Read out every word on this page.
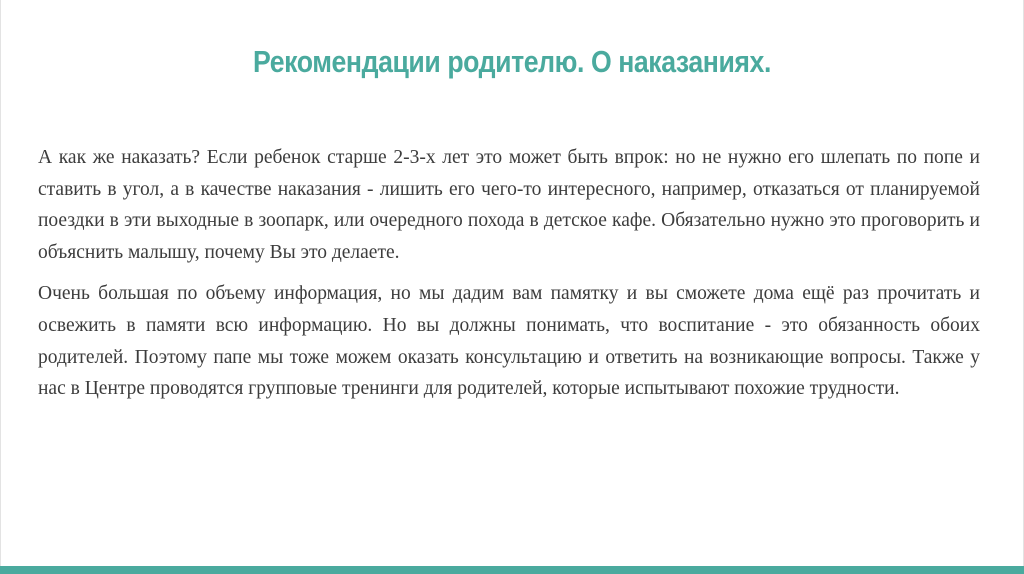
Рекомендации родителю. О наказаниях.

А как же наказать? Если ребенок старше 2-3-х лет это может быть впрок: но не нужно его шлепать по попе и ставить в угол, а в качестве наказания - лишить его чего-то интересного, например, отказаться от планируемой поездки в эти выходные в зоопарк, или очередного похода в детское кафе. Обязательно нужно это проговорить и объяснить малышу, почему Вы это делаете.

Очень большая по объему информация, но мы дадим вам памятку и вы сможете дома ещё раз прочитать и освежить в памяти всю информацию. Но вы должны понимать, что воспитание - это обязанность обоих родителей. Поэтому папе мы тоже можем оказать консультацию и ответить на возникающие вопросы. Также у нас в Центре проводятся групповые тренинги для родителей, которые испытывают похожие трудности.
